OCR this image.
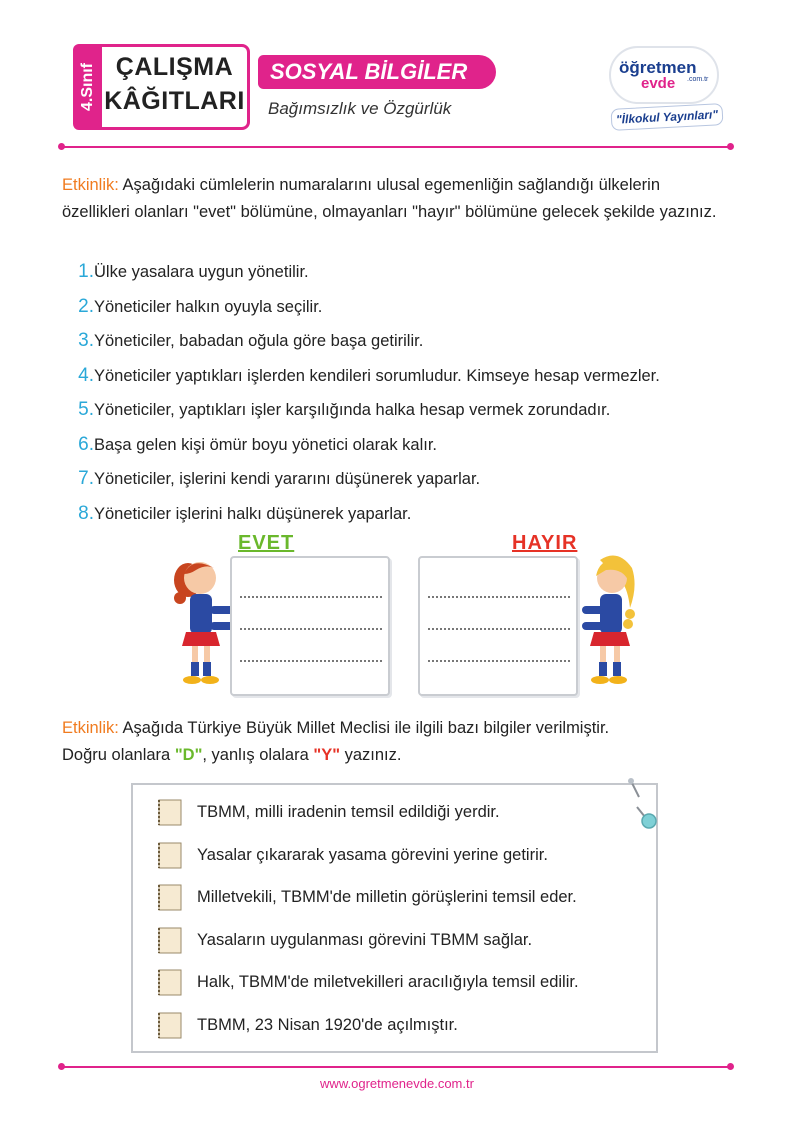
4.Sınıf ÇALIŞMA
KÂĞITLARI
SOSYAL BİLGİLER
Bağımsızlık ve Özgürlük
öğretmen
evde .com.tr
"İlkokul Yayınları"
Etkinlik: Aşağıdaki cümlelerin numaralarını ulusal egemenliğin sağlandığı ülkelerin özellikleri olanları "evet" bölümüne, olmayanları "hayır" bölümüne gelecek şekilde yazınız.
1.Ülke yasalara uygun yönetilir.
2.Yöneticiler halkın oyuyla seçilir.
3.Yöneticiler, babadan oğula göre başa getirilir.
4.Yöneticiler yaptıkları işlerden kendileri sorumludur. Kimseye hesap vermezler.
5.Yöneticiler, yaptıkları işler karşılığında halka hesap vermek zorundadır.
6.Başa gelen kişi ömür boyu yönetici olarak kalır.
7.Yöneticiler, işlerini kendi yararını düşünerek yaparlar.
8.Yöneticiler işlerini halkı düşünerek yaparlar.
EVET	HAYIR
Etkinlik: Aşağıda Türkiye Büyük Millet Meclisi ile ilgili bazı bilgiler verilmiştir.
Doğru olanlara "D", yanlış olalara "Y" yazınız.
TBMM, milli iradenin temsil edildiği yerdir.
Yasalar çıkararak yasama görevini yerine getirir.
Milletvekili, TBMM'de milletin görüşlerini temsil eder.
Yasaların uygulanması görevini TBMM sağlar.
Halk, TBMM'de miletvekilleri aracılığıyla temsil edilir.
TBMM, 23 Nisan 1920'de açılmıştır.
www.ogretmenevde.com.tr
